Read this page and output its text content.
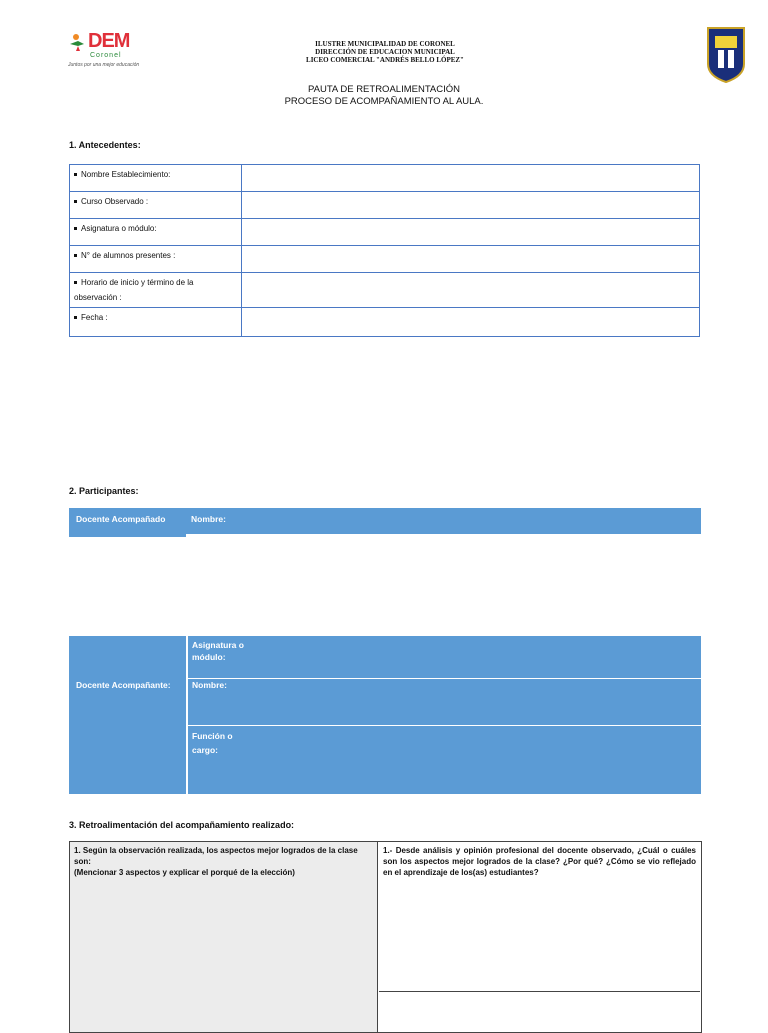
DEM
Coronel
Juntos por una mejor educación
ILUSTRE MUNICIPALIDAD DE CORONEL
DIRECCIÓN DE EDUCACION MUNICIPAL
LICEO COMERCIAL "ANDRÉS BELLO LÓPEZ"
PAUTA DE RETROALIMENTACIÓN
PROCESO DE ACOMPAÑAMIENTO AL AULA.
1. Antecedentes:
Nombre Establecimiento:	
Curso Observado :	
Asignatura o módulo:	
N° de alumnos presentes :	
Horario de inicio y término de la observación :	
Fecha :	
2. Participantes:
Docente Acompañado	Nombre:
Docente Acompañante:
Asignatura o módulo:
Nombre:
Función o cargo:
3. Retroalimentación del acompañamiento realizado:
1. Según la observación realizada, los aspectos mejor logrados de la clase son:
(Mencionar 3 aspectos y explicar el porqué de la elección)
1.- Desde análisis y opinión profesional del docente observado, ¿Cuál o cuáles son los aspectos mejor logrados de la clase? ¿Por qué? ¿Cómo se vio reflejado en el aprendizaje de los(as) estudiantes?
